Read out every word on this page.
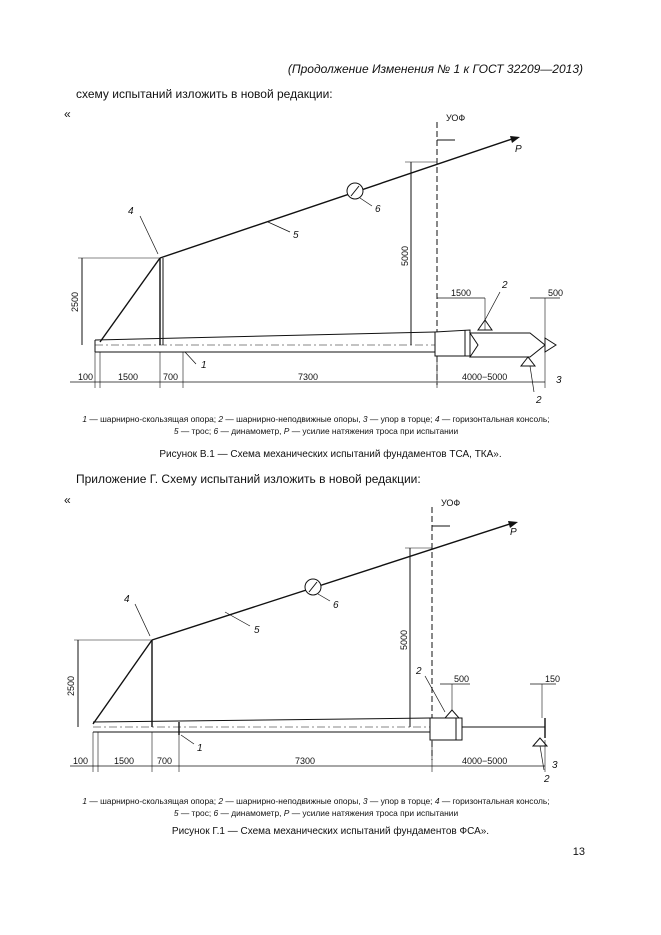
(Продолжение Изменения № 1 к ГОСТ 32209—2013)
схему испытаний изложить в новой редакции:
«	УОФ
P
2500
5000
100	1500	700	7300	4000−5000
1500	500
4
5
6
1
2
2
3
1 — шарнирно-скользящая опора; 2 — шарнирно-неподвижные опоры, 3 — упор в торце; 4 — горизонтальная консоль;
5 — трос; 6 — динамометр, P — усилие натяжения троса при испытании
Рисунок В.1 — Схема механических испытаний фундаментов ТСА, ТКА».
Приложение Г. Схему испытаний изложить в новой редакции:
«	УОФ
P
2500
5000
100	1500	700	7300	4000−5000
500	150
4
5
6
1
2
2
3
1 — шарнирно-скользящая опора; 2 — шарнирно-неподвижные опоры, 3 — упор в торце; 4 — горизонтальная консоль;
5 — трос; 6 — динамометр, P — усилие натяжения троса при испытании
Рисунок Г.1 — Схема механических испытаний фундаментов ФСА».
13
